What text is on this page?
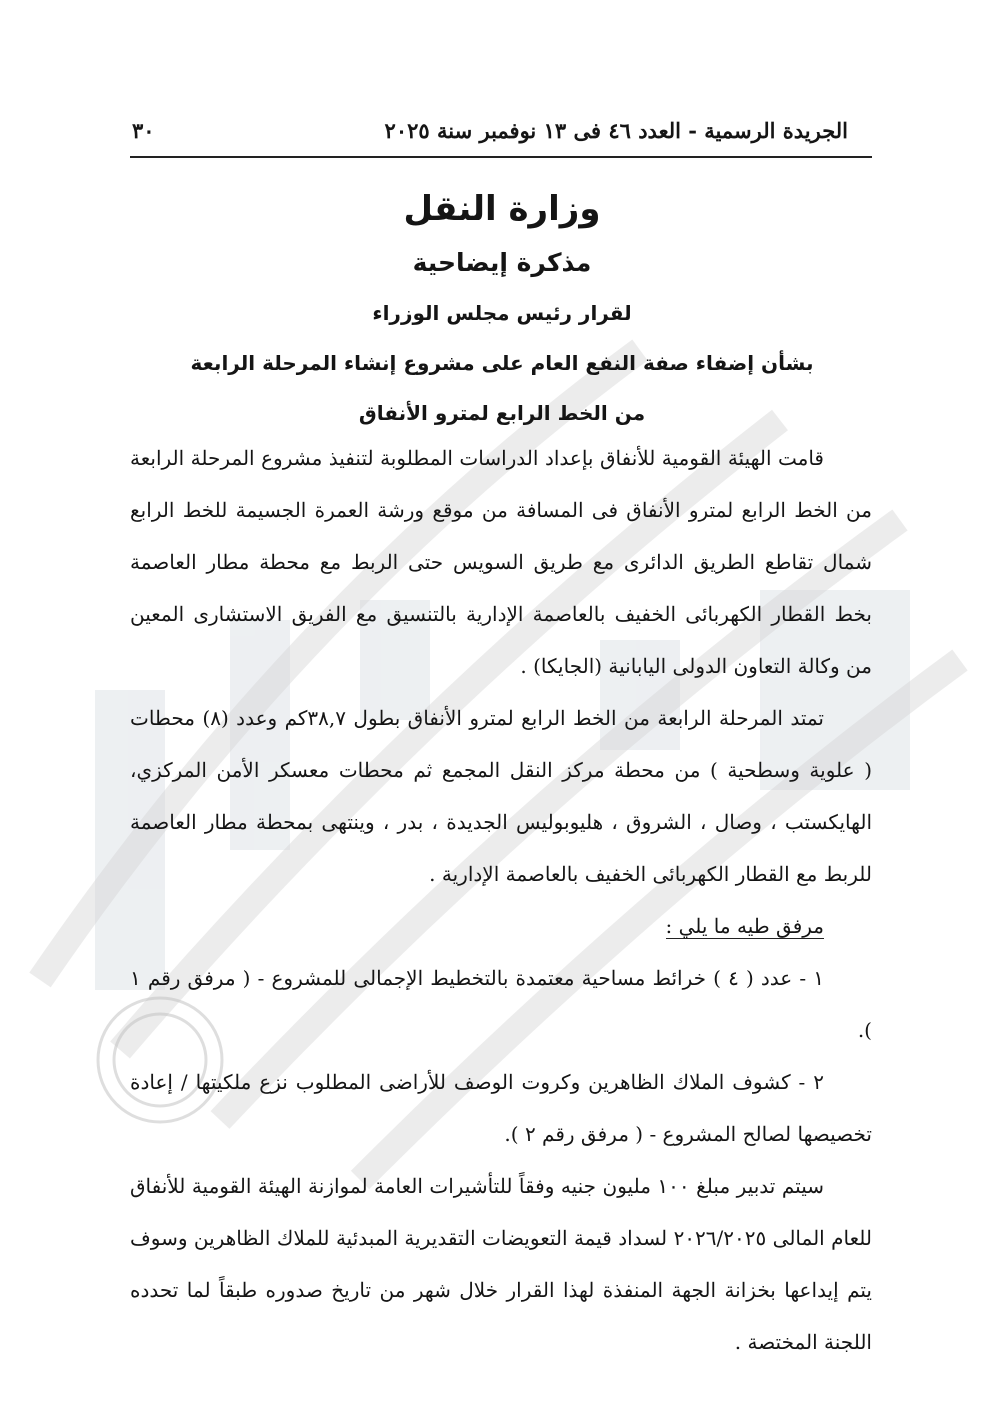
الجريدة الرسمية - العدد ٤٦ فى ١٣ نوفمبر سنة ٢٠٢٥
٣٠
وزارة النقل
مذكرة إيضاحية
لقرار رئيس مجلس الوزراء
بشأن إضفاء صفة النفع العام على مشروع إنشاء المرحلة الرابعة
من الخط الرابع لمترو الأنفاق

قامت الهيئة القومية للأنفاق بإعداد الدراسات المطلوبة لتنفيذ مشروع المرحلة الرابعة من الخط الرابع لمترو الأنفاق فى المسافة من موقع ورشة العمرة الجسيمة للخط الرابع شمال تقاطع الطريق الدائرى مع طريق السويس حتى الربط مع محطة مطار العاصمة بخط القطار الكهربائى الخفيف بالعاصمة الإدارية بالتنسيق مع الفريق الاستشارى المعين من وكالة التعاون الدولى اليابانية (الجايكا) .

تمتد المرحلة الرابعة من الخط الرابع لمترو الأنفاق بطول ٣٨,٧كم وعدد (٨) محطات ( علوية وسطحية ) من محطة مركز النقل المجمع ثم محطات معسكر الأمن المركزي، الهايكستب ، وصال ، الشروق ، هليوبوليس الجديدة ، بدر ، وينتهى بمحطة مطار العاصمة للربط مع القطار الكهربائى الخفيف بالعاصمة الإدارية .

مرفق طيه ما يلي :

١ - عدد ( ٤ ) خرائط مساحية معتمدة بالتخطيط الإجمالى للمشروع - ( مرفق رقم ١ ).

٢ - كشوف الملاك الظاهرين وكروت الوصف للأراضى المطلوب نزع ملكيتها / إعادة تخصيصها لصالح المشروع - ( مرفق رقم ٢ ).

سيتم تدبير مبلغ ١٠٠ مليون جنيه وفقاً للتأشيرات العامة لموازنة الهيئة القومية للأنفاق للعام المالى ٢٠٢٦/٢٠٢٥ لسداد قيمة التعويضات التقديرية المبدئية للملاك الظاهرين وسوف يتم إيداعها بخزانة الجهة المنفذة لهذا القرار خلال شهر من تاريخ صدوره طبقاً لما تحدده اللجنة المختصة .
